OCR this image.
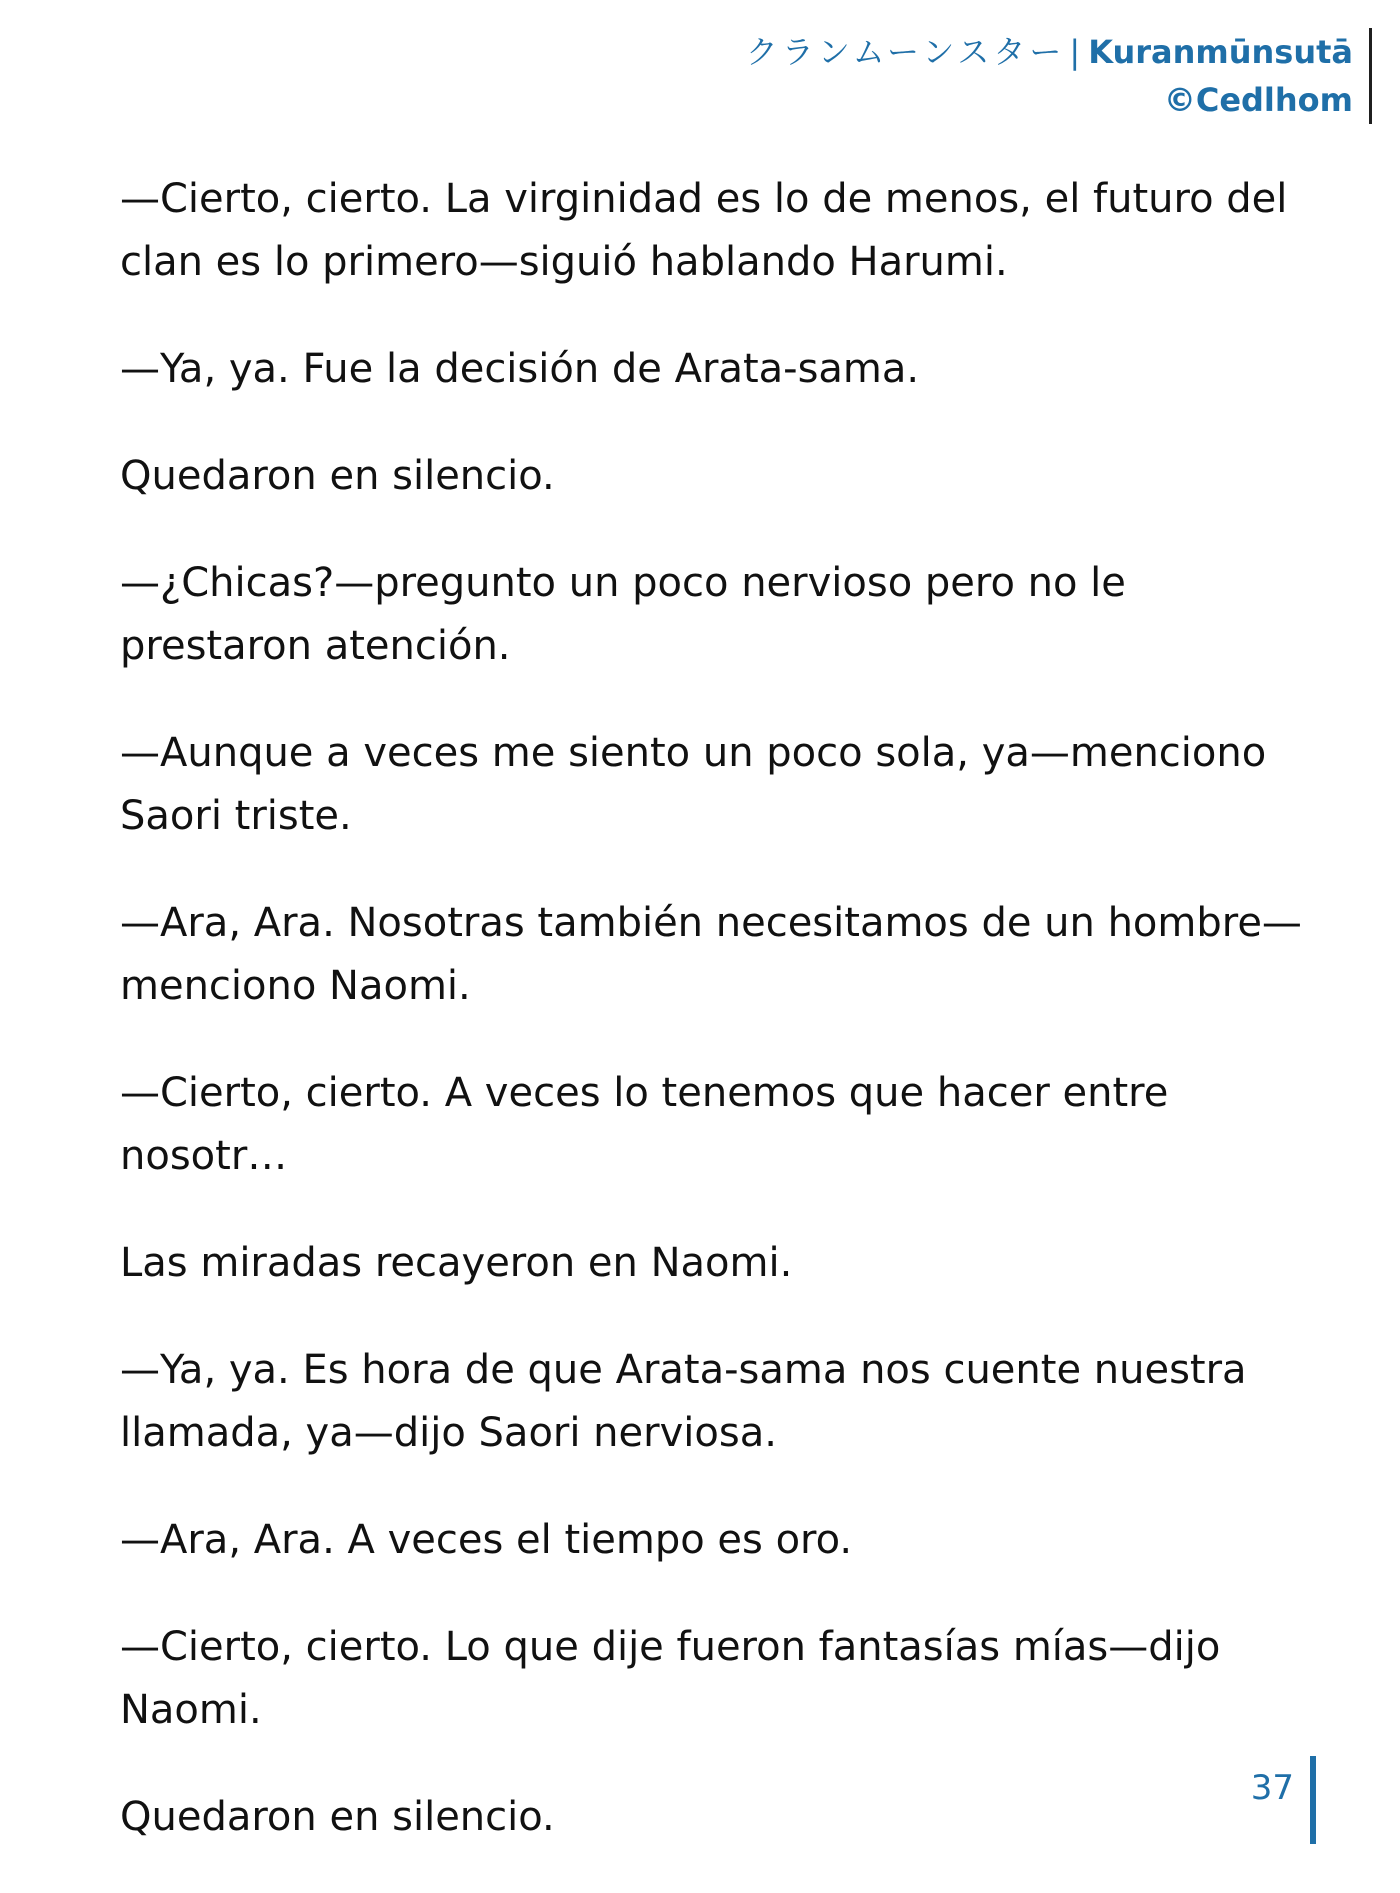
クランムーンスター | Kuranmūnsutā
©Cedlhom

—Cierto, cierto. La virginidad es lo de menos, el futuro del clan es lo primero—siguió hablando Harumi.

—Ya, ya. Fue la decisión de Arata-sama.

Quedaron en silencio.

—¿Chicas?—pregunto un poco nervioso pero no le prestaron atención.

—Aunque a veces me siento un poco sola, ya—menciono Saori triste.

—Ara, Ara. Nosotras también necesitamos de un hombre—menciono Naomi.

—Cierto, cierto. A veces lo tenemos que hacer entre nosotr…

Las miradas recayeron en Naomi.

—Ya, ya. Es hora de que Arata-sama nos cuente nuestra llamada, ya—dijo Saori nerviosa.

—Ara, Ara. A veces el tiempo es oro.

—Cierto, cierto. Lo que dije fueron fantasías mías—dijo Naomi.

Quedaron en silencio.

37
